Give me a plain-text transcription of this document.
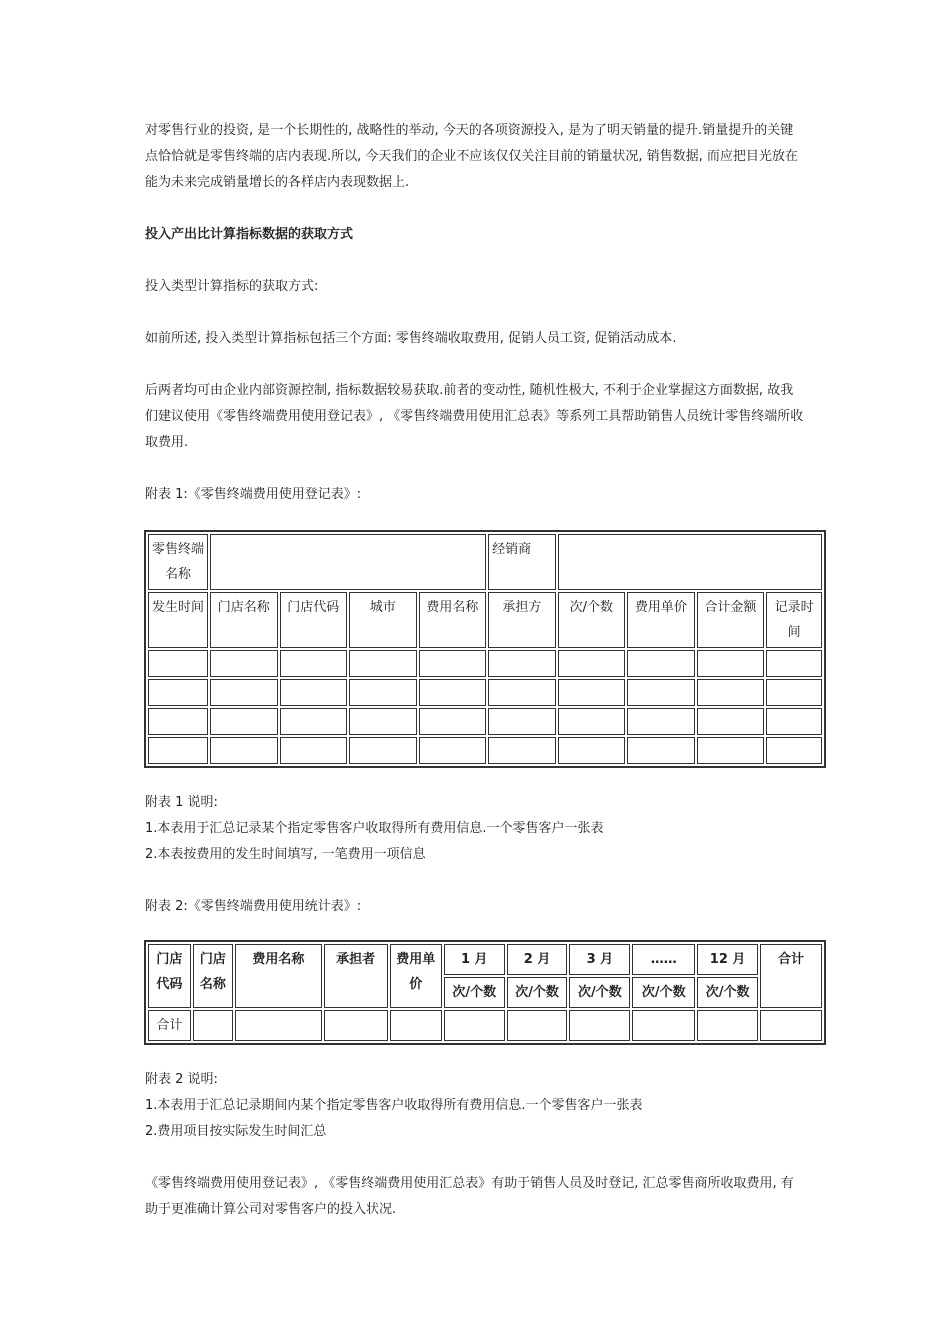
对零售行业的投资, 是一个长期性的, 战略性的举动, 今天的各项资源投入, 是为了明天销量的提升.销量提升的关键点恰恰就是零售终端的店内表现.所以, 今天我们的企业不应该仅仅关注目前的销量状况, 销售数据, 而应把目光放在能为未来完成销量增长的各样店内表现数据上.

投入产出比计算指标数据的获取方式

投入类型计算指标的获取方式:

如前所述, 投入类型计算指标包括三个方面: 零售终端收取费用, 促销人员工资, 促销活动成本.

后两者均可由企业内部资源控制, 指标数据较易获取.前者的变动性, 随机性极大, 不利于企业掌握这方面数据, 故我们建议使用《零售终端费用使用登记表》, 《零售终端费用使用汇总表》等系列工具帮助销售人员统计零售终端所收取费用.

附表 1:《零售终端费用使用登记表》:

零售终端名称					经销商				
发生时间	门店名称	门店代码	城市	费用名称	承担方	次/个数	费用单价	合计金额	记录时间

附表 1 说明:

1.本表用于汇总记录某个指定零售客户收取得所有费用信息.一个零售客户一张表

2.本表按费用的发生时间填写, 一笔费用一项信息

附表 2:《零售终端费用使用统计表》:

门店代码	门店名称	费用名称	承担者	费用单价	1 月	2 月	3 月	……	12 月	合计
					次/个数	次/个数	次/个数	次/个数	次/个数	
合计										

附表 2 说明:

1.本表用于汇总记录期间内某个指定零售客户收取得所有费用信息.一个零售客户一张表

2.费用项目按实际发生时间汇总

《零售终端费用使用登记表》, 《零售终端费用使用汇总表》有助于销售人员及时登记, 汇总零售商所收取费用, 有助于更准确计算公司对零售客户的投入状况.
